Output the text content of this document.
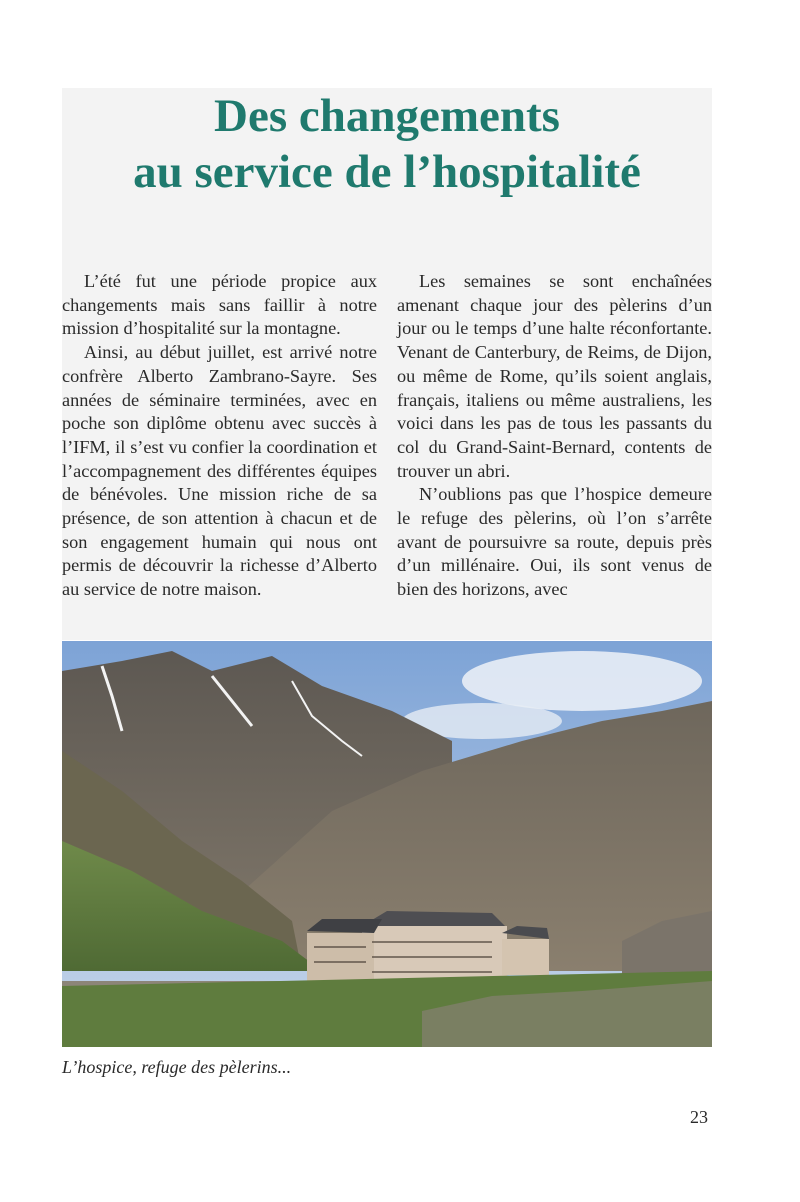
Des changements
au service de l’hospitalité

L’été fut une période propice aux changements mais sans faillir à notre mission d’hospitalité sur la montagne.

Ainsi, au début juillet, est arrivé notre confrère Alberto Zambrano-Sayre. Ses années de séminaire terminées, avec en poche son diplôme obtenu avec succès à l’IFM, il s’est vu confier la coordination et l’accompagnement des différentes équipes de bénévoles. Une mission riche de sa présence, de son attention à chacun et de son engagement humain qui nous ont permis de découvrir la richesse d’Alberto au service de notre maison.

Les semaines se sont enchaînées amenant chaque jour des pèlerins d’un jour ou le temps d’une halte réconfortante. Venant de Canterbury, de Reims, de Dijon, ou même de Rome, qu’ils soient anglais, français, italiens ou même australiens, les voici dans les pas de tous les passants du col du Grand-Saint-Bernard, contents de trouver un abri.

N’oublions pas que l’hospice demeure le refuge des pèlerins, où l’on s’arrête avant de poursuivre sa route, depuis près d’un millénaire. Oui, ils sont venus de bien des horizons, avec

L’hospice, refuge des pèlerins...
23
